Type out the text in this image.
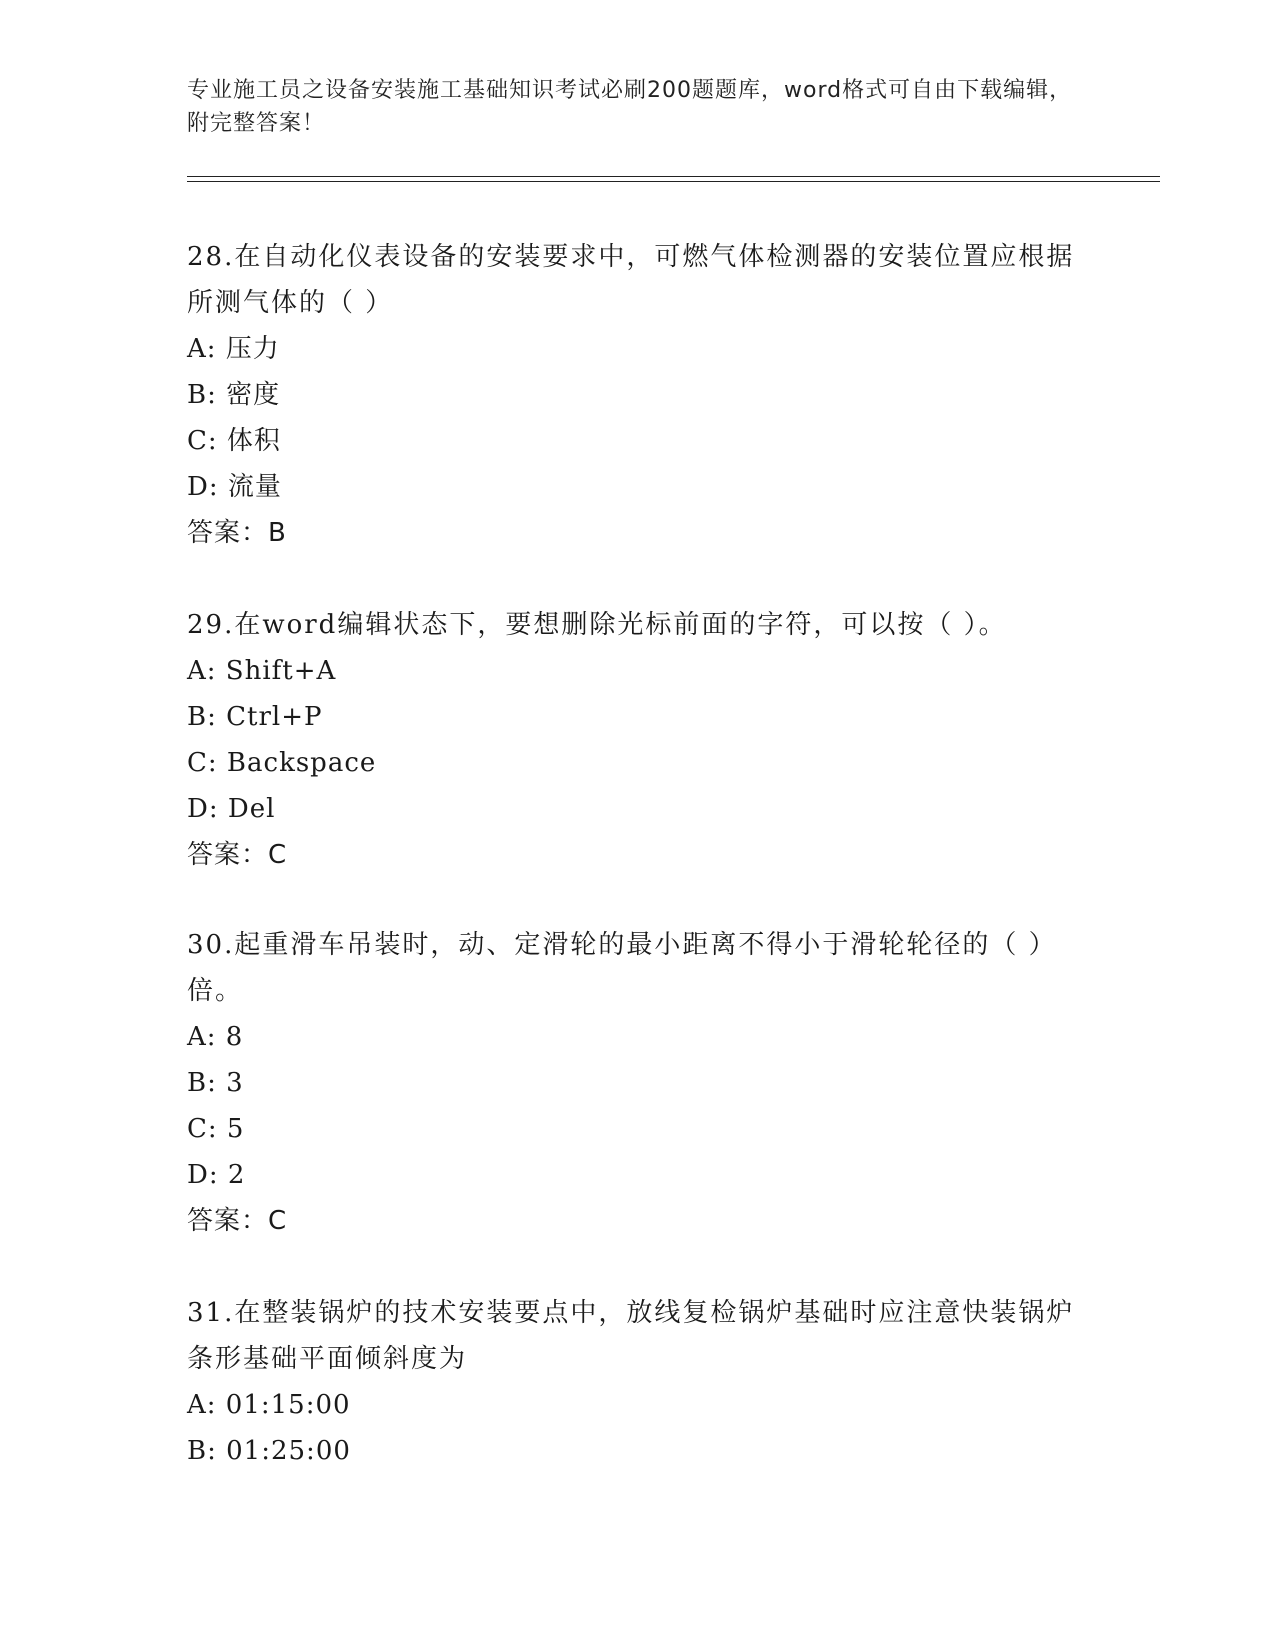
专业施工员之设备安装施工基础知识考试必刷200题题库，word格式可自由下载编辑，附完整答案！

28.在自动化仪表设备的安装要求中，可燃气体检测器的安装位置应根据所测气体的（ ）

A: 压力

B: 密度

C: 体积

D: 流量

答案：B

29.在word编辑状态下，要想删除光标前面的字符，可以按（ ）。

A: Shift+A

B: Ctrl+P

C: Backspace

D: Del

答案：C

30.起重滑车吊装时，动、定滑轮的最小距离不得小于滑轮轮径的（ ）倍。

A: 8

B: 3

C: 5

D: 2

答案：C

31.在整装锅炉的技术安装要点中，放线复检锅炉基础时应注意快装锅炉条形基础平面倾斜度为

A: 01:15:00

B: 01:25:00
